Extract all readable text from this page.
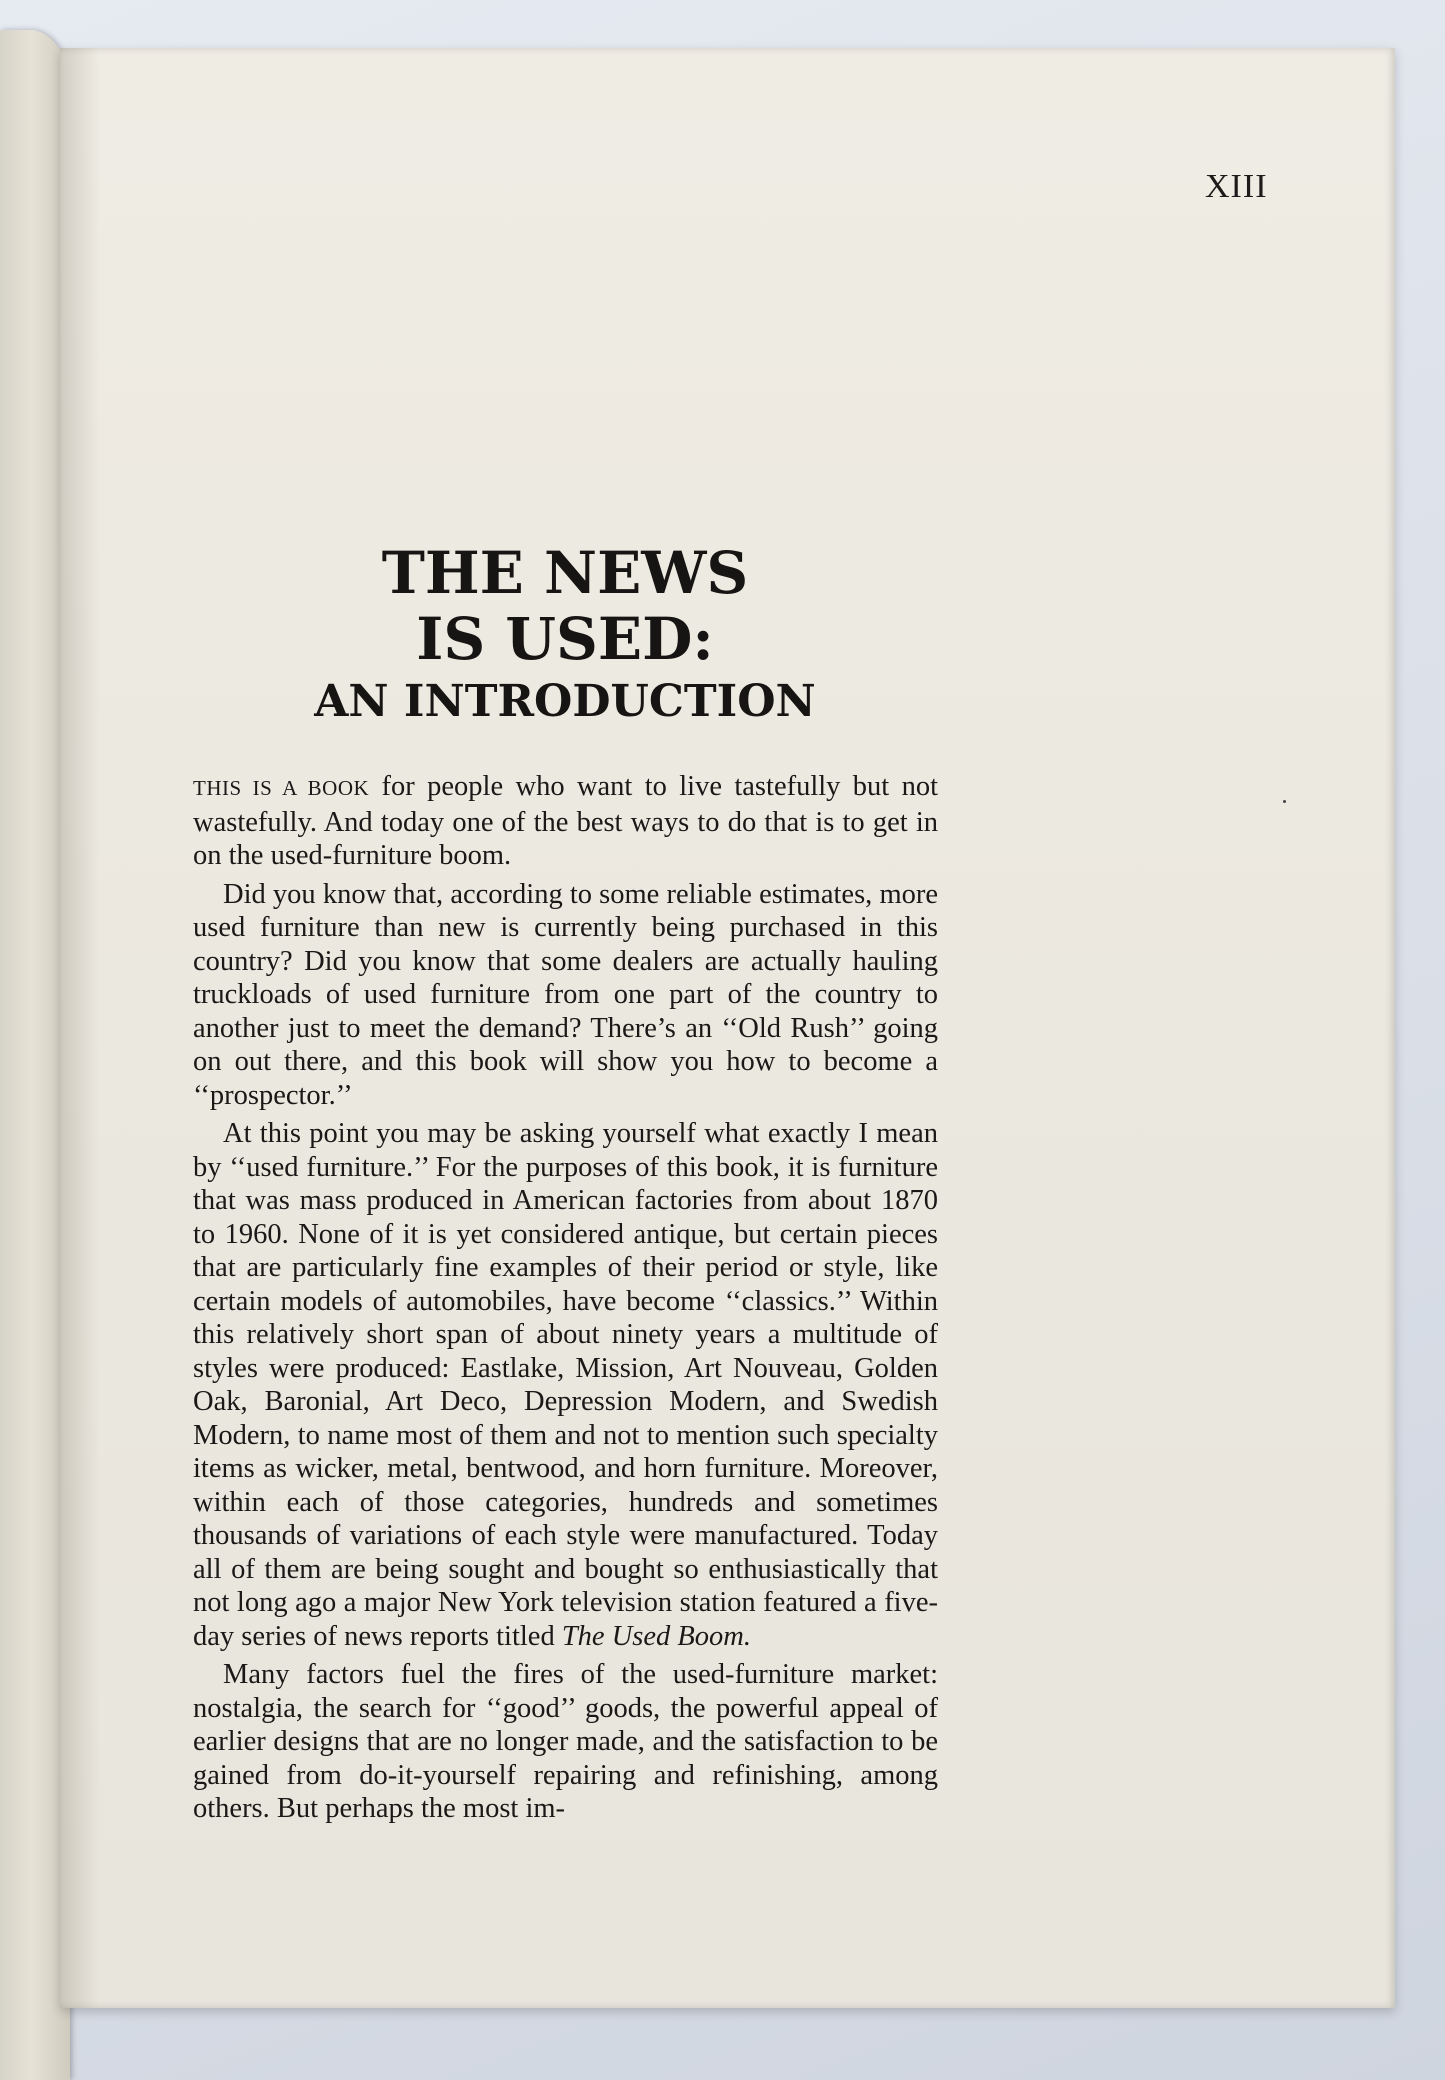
XIII
THE NEWS
IS USED:
AN INTRODUCTION

THIS IS A BOOK for people who want to live tastefully but not wastefully. And today one of the best ways to do that is to get in on the used-furniture boom.

Did you know that, according to some reliable estimates, more used furniture than new is currently being purchased in this country? Did you know that some dealers are actually hauling truckloads of used furniture from one part of the country to another just to meet the demand? There’s an ‘‘Old Rush’’ going on out there, and this book will show you how to become a ‘‘prospector.’’

At this point you may be asking yourself what exactly I mean by ‘‘used furniture.’’ For the purposes of this book, it is furniture that was mass produced in American factories from about 1870 to 1960. None of it is yet considered antique, but certain pieces that are particularly fine examples of their period or style, like certain models of automobiles, have become ‘‘classics.’’ Within this relatively short span of about ninety years a multitude of styles were produced: Eastlake, Mission, Art Nouveau, Golden Oak, Baronial, Art Deco, Depression Modern, and Swedish Modern, to name most of them and not to mention such specialty items as wicker, metal, bentwood, and horn furniture. Moreover, within each of those categories, hundreds and sometimes thousands of variations of each style were manufactured. Today all of them are being sought and bought so enthusiastically that not long ago a major New York television station featured a five-day series of news reports titled The Used Boom.

Many factors fuel the fires of the used-furniture market: nostalgia, the search for ‘‘good’’ goods, the powerful appeal of earlier designs that are no longer made, and the satisfaction to be gained from do-it-yourself repairing and refinishing, among others. But perhaps the most im-
